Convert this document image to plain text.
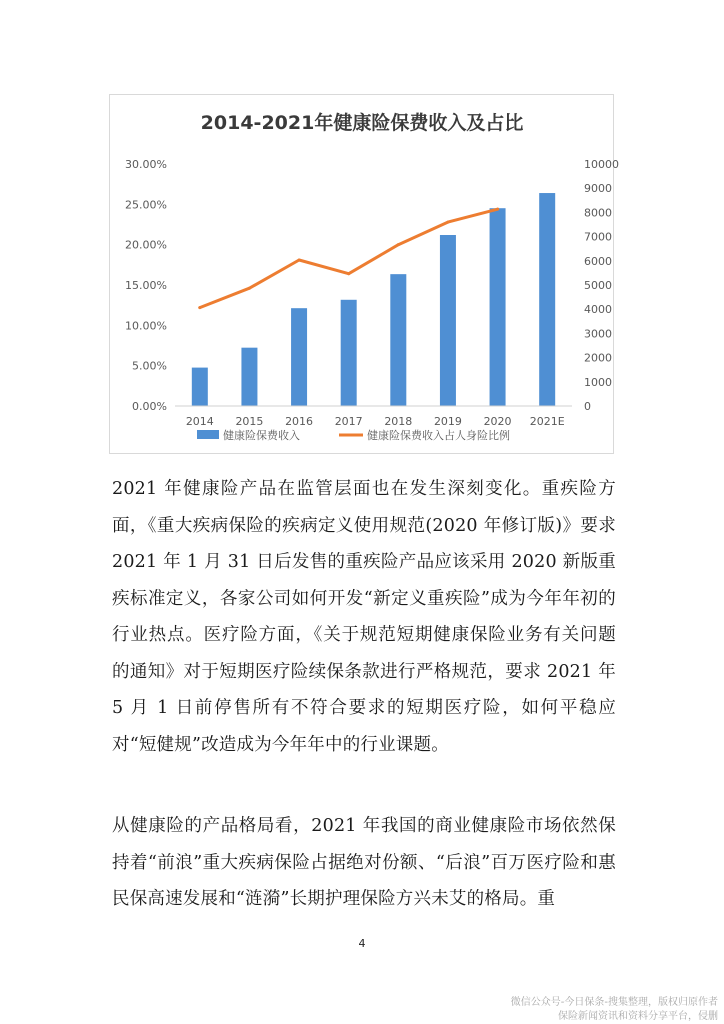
2014-2021年健康险保费收入及占比
0.00%
5.00%
10.00%
15.00%
20.00%
25.00%
30.00%
0
1000
2000
3000
4000
5000
6000
7000
8000
9000
10000
2014 2015 2016 2017 2018 2019 2020 2021E
健康险保费收入	健康险保费收入占人身险比例

2021 年健康险产品在监管层面也在发生深刻变化。重疾险方面，《重大疾病保险的疾病定义使用规范(2020 年修订版)》要求 2021 年 1 月 31 日后发售的重疾险产品应该采用 2020 新版重疾标准定义，各家公司如何开发“新定义重疾险”成为今年年初的行业热点。医疗险方面，《关于规范短期健康保险业务有关问题的通知》对于短期医疗险续保条款进行严格规范，要求 2021 年 5 月 1 日前停售所有不符合要求的短期医疗险，如何平稳应对“短健规”改造成为今年年中的行业课题。

从健康险的产品格局看，2021 年我国的商业健康险市场依然保持着“前浪”重大疾病保险占据绝对份额、“后浪”百万医疗险和惠民保高速发展和“涟漪”长期护理保险方兴未艾的格局。重

4
微信公众号-今日保条-搜集整理，版权归原作者
保险新闻资讯和资料分享平台，侵删
